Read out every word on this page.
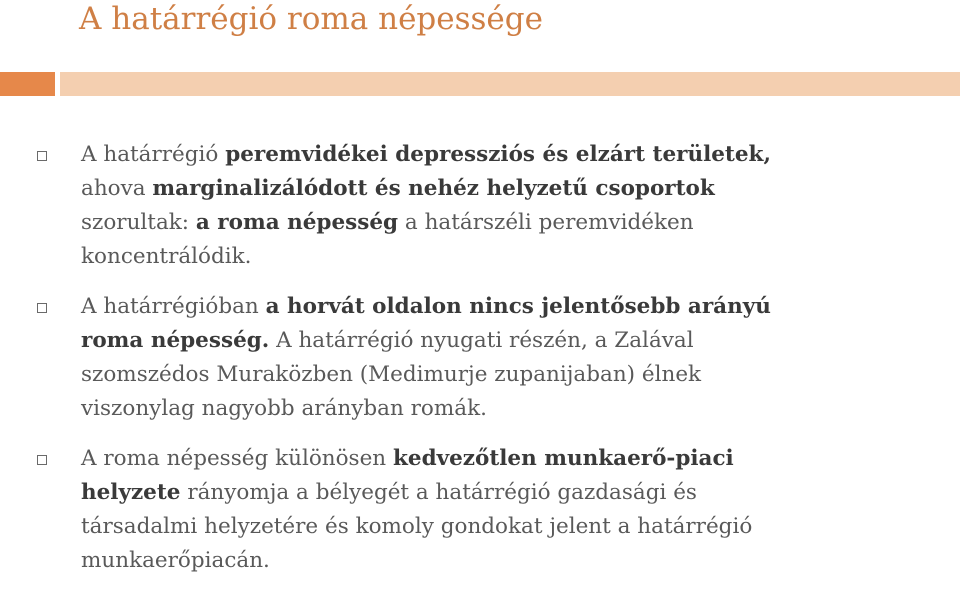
A határrégió roma népessége
A határrégió peremvidékei depressziós és elzárt területek,
ahova marginalizálódott és nehéz helyzetű csoportok
szorultak: a roma népesség a határszéli peremvidéken
koncentrálódik.
A határrégióban a horvát oldalon nincs jelentősebb arányú
roma népesség. A határrégió nyugati részén, a Zalával
szomszédos Muraközben (Medimurje zupanijaban) élnek
viszonylag nagyobb arányban romák.
A roma népesség különösen kedvezőtlen munkaerő-piaci
helyzete rányomja a bélyegét a határrégió gazdasági és
társadalmi helyzetére és komoly gondokat jelent a határrégió
munkaerőpiacán.
